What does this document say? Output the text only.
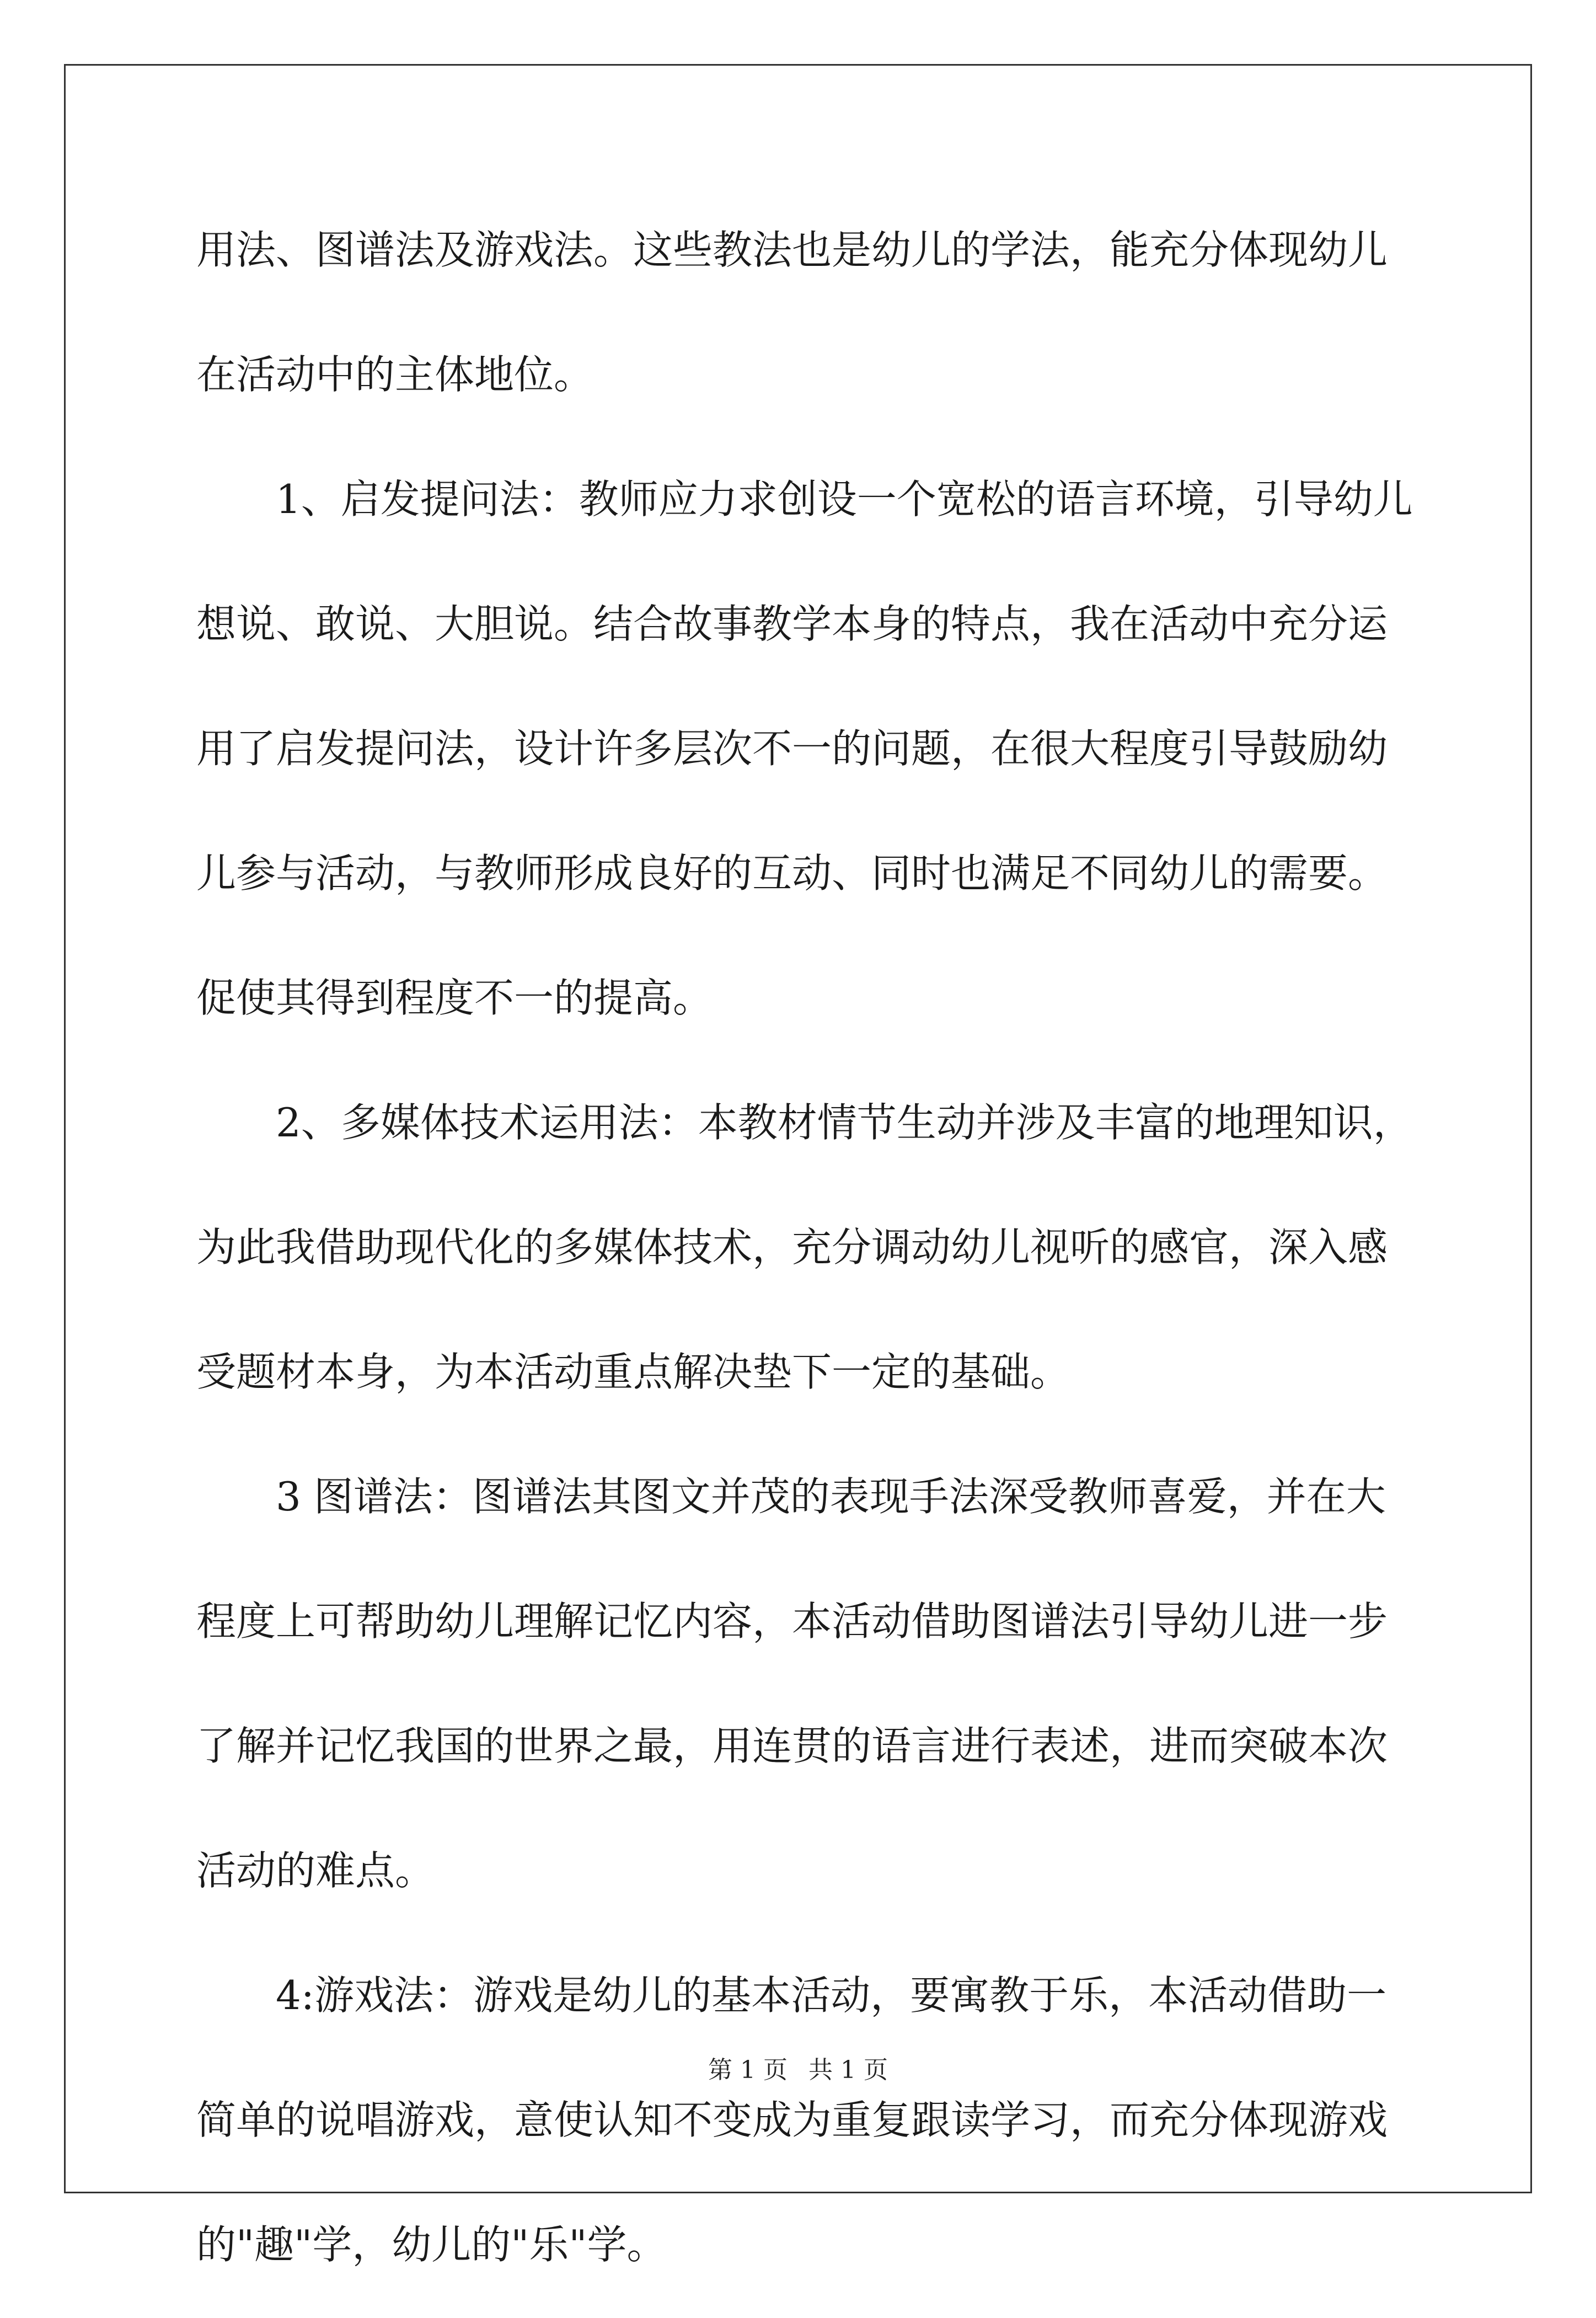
用法、图谱法及游戏法。这些教法也是幼儿的学法，能充分体现幼儿
在活动中的主体地位。
1、启发提问法：教师应力求创设一个宽松的语言环境，引导幼儿
想说、敢说、大胆说。结合故事教学本身的特点，我在活动中充分运
用了启发提问法，设计许多层次不一的问题，在很大程度引导鼓励幼
儿参与活动，与教师形成良好的互动、同时也满足不同幼儿的需要。
促使其得到程度不一的提高。
2、多媒体技术运用法：本教材情节生动并涉及丰富的地理知识，
为此我借助现代化的多媒体技术，充分调动幼儿视听的感官，深入感
受题材本身，为本活动重点解决垫下一定的基础。
3 图谱法：图谱法其图文并茂的表现手法深受教师喜爱，并在大
程度上可帮助幼儿理解记忆内容，本活动借助图谱法引导幼儿进一步
了解并记忆我国的世界之最，用连贯的语言进行表述，进而突破本次
活动的难点。
4:游戏法：游戏是幼儿的基本活动，要寓教于乐，本活动借助一
简单的说唱游戏，意使认知不变成为重复跟读学习，而充分体现游戏
的"趣"学，幼儿的"乐"学。
第 1 页 共 1 页
